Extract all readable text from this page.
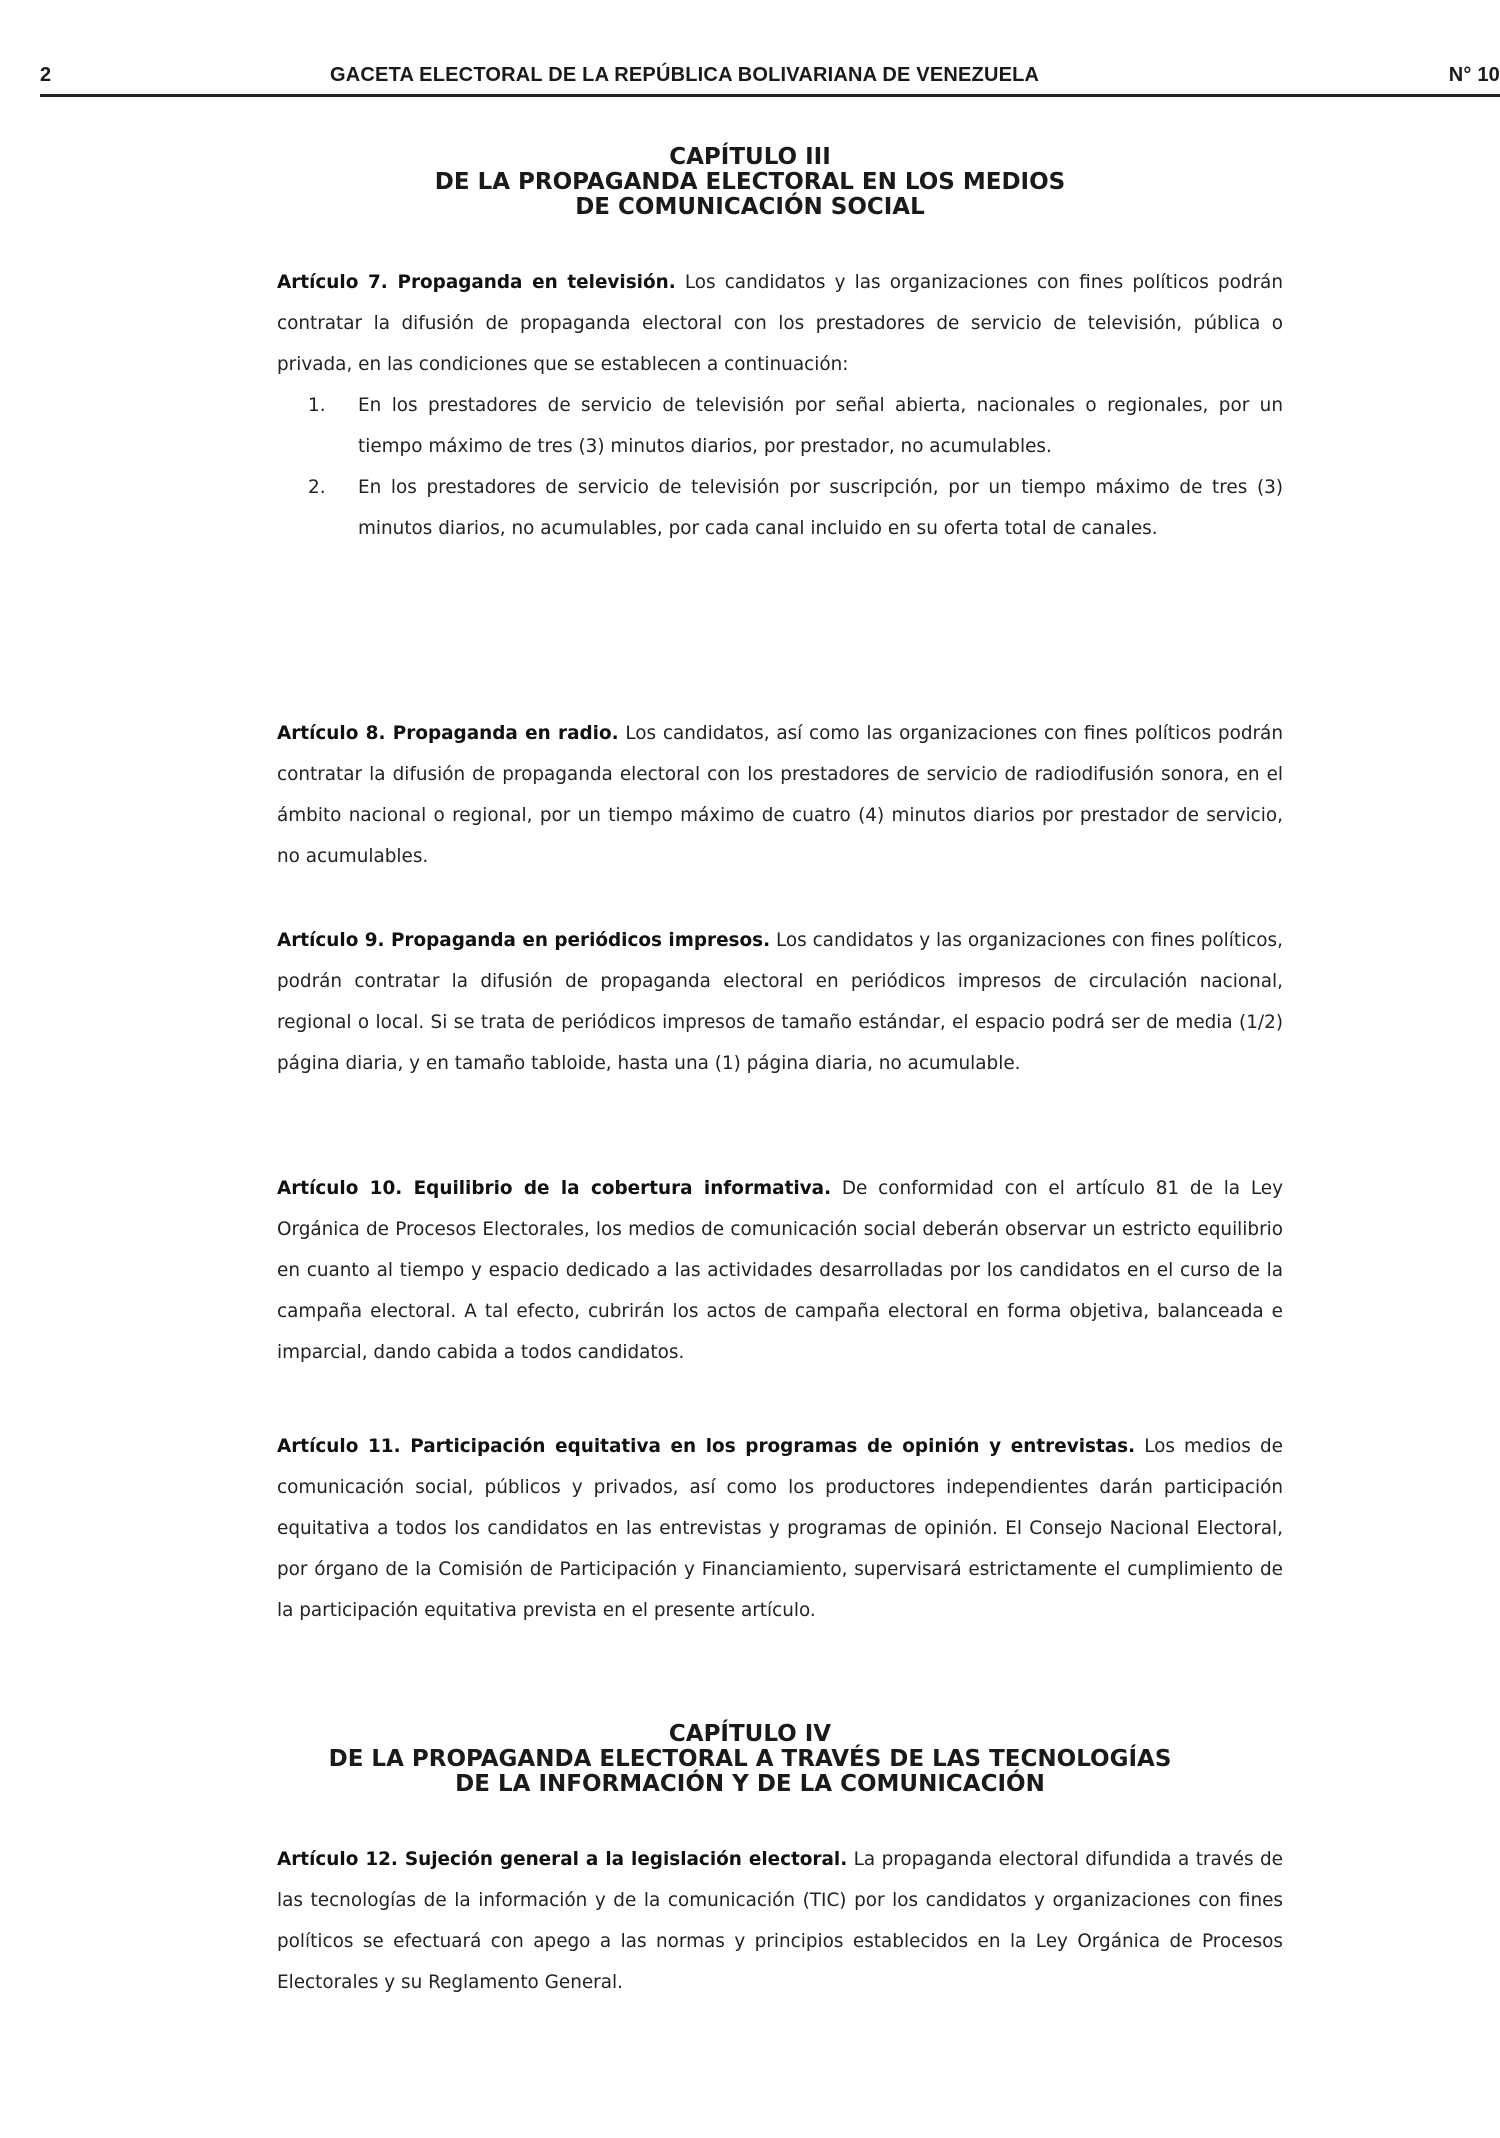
2	GACETA ELECTORAL DE LA REPÚBLICA BOLIVARIANA DE VENEZUELA	N° 10
CAPÍTULO III
DE LA PROPAGANDA ELECTORAL EN LOS MEDIOS
DE COMUNICACIÓN SOCIAL

Artículo 7. Propaganda en televisión. Los candidatos y las organizaciones con fines políticos podrán contratar la difusión de propaganda electoral con los prestadores de servicio de televisión, pública o privada, en las condiciones que se establecen a continuación:

1. En los prestadores de servicio de televisión por señal abierta, nacionales o regionales, por un tiempo máximo de tres (3) minutos diarios, por prestador, no acumulables.
2. En los prestadores de servicio de televisión por suscripción, por un tiempo máximo de tres (3) minutos diarios, no acumulables, por cada canal incluido en su oferta total de canales.

Artículo 8. Propaganda en radio. Los candidatos, así como las organizaciones con fines políticos podrán contratar la difusión de propaganda electoral con los prestadores de servicio de radiodifusión sonora, en el ámbito nacional o regional, por un tiempo máximo de cuatro (4) minutos diarios por prestador de servicio, no acumulables.

Artículo 9. Propaganda en periódicos impresos. Los candidatos y las organizaciones con fines políticos, podrán contratar la difusión de propaganda electoral en periódicos impresos de circulación nacional, regional o local. Si se trata de periódicos impresos de tamaño estándar, el espacio podrá ser de media (1/2) página diaria, y en tamaño tabloide, hasta una (1) página diaria, no acumulable.

Artículo 10. Equilibrio de la cobertura informativa. De conformidad con el artículo 81 de la Ley Orgánica de Procesos Electorales, los medios de comunicación social deberán observar un estricto equilibrio en cuanto al tiempo y espacio dedicado a las actividades desarrolladas por los candidatos en el curso de la campaña electoral. A tal efecto, cubrirán los actos de campaña electoral en forma objetiva, balanceada e imparcial, dando cabida a todos candidatos.

Artículo 11. Participación equitativa en los programas de opinión y entrevistas. Los medios de comunicación social, públicos y privados, así como los productores independientes darán participación equitativa a todos los candidatos en las entrevistas y programas de opinión. El Consejo Nacional Electoral, por órgano de la Comisión de Participación y Financiamiento, supervisará estrictamente el cumplimiento de la participación equitativa prevista en el presente artículo.

CAPÍTULO IV
DE LA PROPAGANDA ELECTORAL A TRAVÉS DE LAS TECNOLOGÍAS
DE LA INFORMACIÓN Y DE LA COMUNICACIÓN

Artículo 12. Sujeción general a la legislación electoral. La propaganda electoral difundida a través de las tecnologías de la información y de la comunicación (TIC) por los candidatos y organizaciones con fines políticos se efectuará con apego a las normas y principios establecidos en la Ley Orgánica de Procesos Electorales y su Reglamento General.
